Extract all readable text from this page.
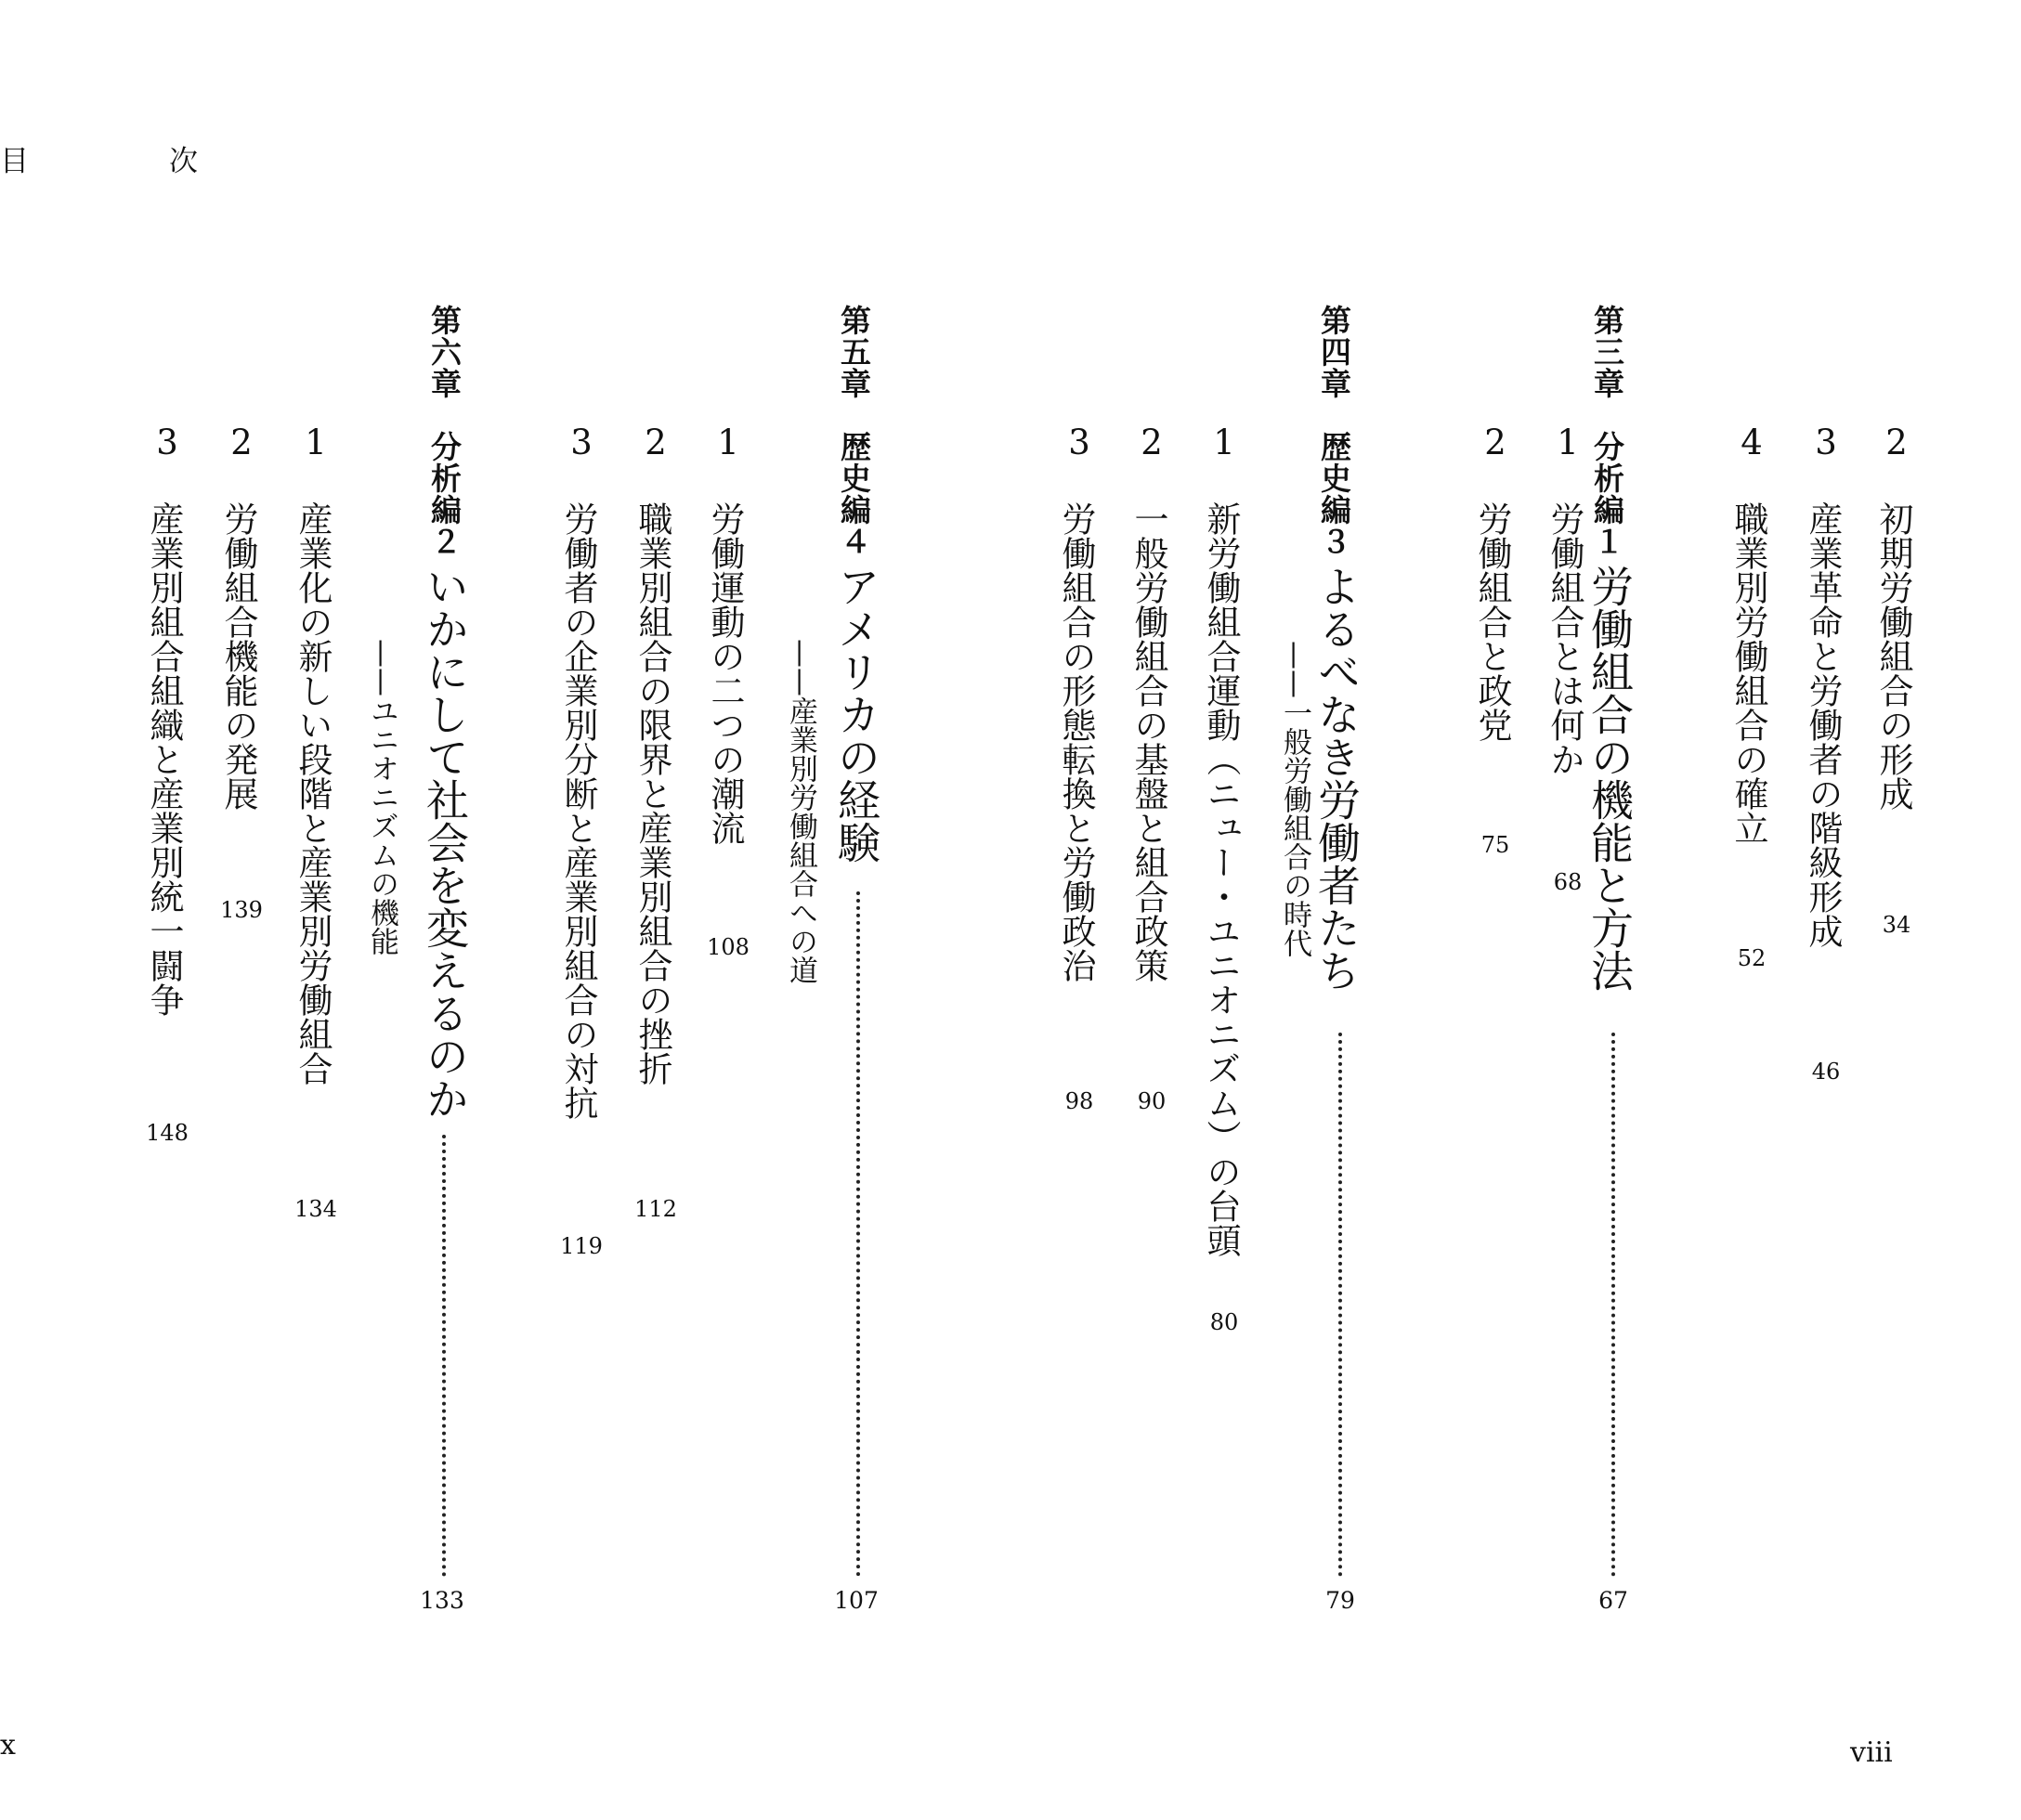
目　次
x	viii
2
初期労働組合の形成
34
3
産業革命と労働者の階級形成
46
4
職業別労働組合の確立
52
第三章　分析編１
労働組合の機能と方法
67
1
労働組合とは何か
68
2
労働組合と政党
75
第四章　歴史編３
よるべなき労働者たち
——一般労働組合の時代
79
1
新労働組合運動（ニュー・ユニオニズム）の台頭
80
2
一般労働組合の基盤と組合政策
90
3
労働組合の形態転換と労働政治
98
第五章　歴史編４
アメリカの経験
——産業別労働組合への道
107
1
労働運動の二つの潮流
108
2
職業別組合の限界と産業別組合の挫折
112
3
労働者の企業別分断と産業別組合の対抗
119
第六章　分析編２
いかにして社会を変えるのか
——ユニオニズムの機能
133
1
産業化の新しい段階と産業別労働組合
134
2
労働組合機能の発展
139
3
産業別組合組織と産業別統一闘争
148
